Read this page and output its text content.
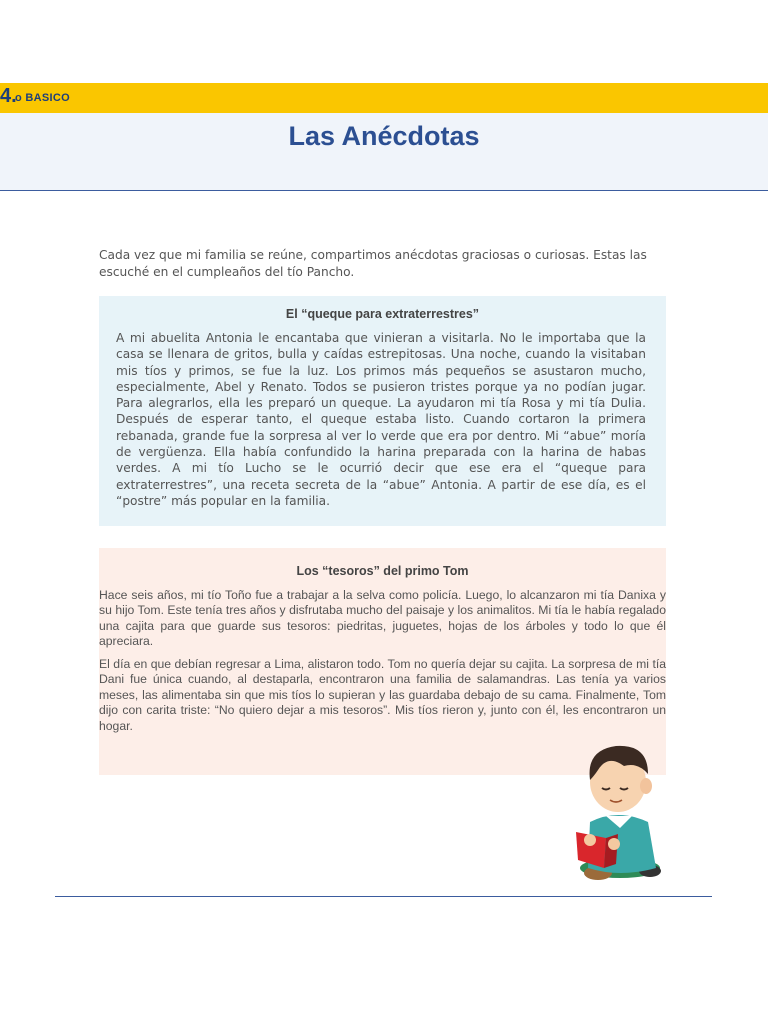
4.
o BASICO
Las Anécdotas

Cada vez que mi familia se reúne, compartimos anécdotas graciosas o curiosas. Estas las escuché en el cumpleaños del tío Pancho.

El “queque para extraterrestres”

A mi abuelita Antonia le encantaba que vinieran a visitarla. No le importaba que la casa se llenara de gritos, bulla y caídas estrepitosas. Una noche, cuando la visitaban mis tíos y primos, se fue la luz. Los primos más pequeños se asustaron mucho, especialmente, Abel y Renato. Todos se pusieron tristes porque ya no podían jugar. Para alegrarlos, ella les preparó un queque. La ayudaron mi tía Rosa y mi tía Dulia. Después de esperar tanto, el queque estaba listo. Cuando cortaron la primera rebanada, grande fue la sorpresa al ver lo verde que era por dentro. Mi “abue” moría de vergüenza. Ella había confundido la harina preparada con la harina de habas verdes. A mi tío Lucho se le ocurrió decir que ese era el “queque para extraterrestres”, una receta secreta de la “abue” Antonia. A partir de ese día, es el “postre” más popular en la familia.

Los “tesoros” del primo Tom

Hace seis años, mi tío Toño fue a trabajar a la selva como policía. Luego, lo alcanzaron mi tía Danixa y su hijo Tom. Este tenía tres años y disfrutaba mucho del paisaje y los animalitos. Mi tía le había regalado una cajita para que guarde sus tesoros: piedritas, juguetes, hojas de los árboles y todo lo que él apreciara.

El día en que debían regresar a Lima, alistaron todo. Tom no quería dejar su cajita. La sorpresa de mi tía Dani fue única cuando, al destaparla, encontraron una familia de salamandras. Las tenía ya varios meses, las alimentaba sin que mis tíos lo supieran y las guardaba debajo de su cama. Finalmente, Tom dijo con carita triste: “No quiero dejar a mis tesoros”. Mis tíos rieron y, junto con él, les encontraron un hogar.
